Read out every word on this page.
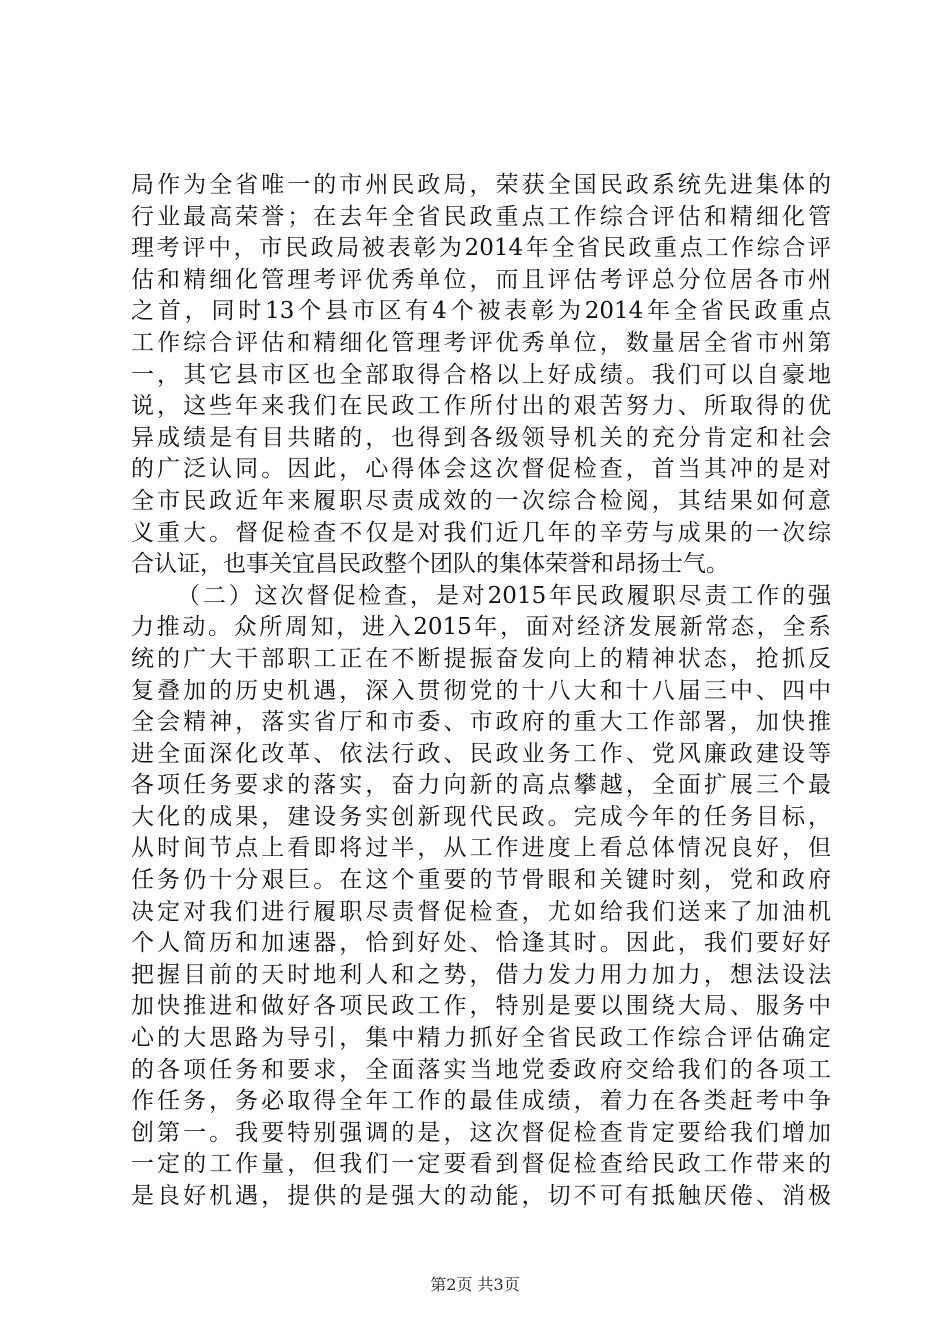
局作为全省唯一的市州民政局，荣获全国民政系统先进集体的
行业最高荣誉；在去年全省民政重点工作综合评估和精细化管
理考评中，市民政局被表彰为2014年全省民政重点工作综合评
估和精细化管理考评优秀单位，而且评估考评总分位居各市州
之首，同时13个县市区有4个被表彰为2014年全省民政重点
工作综合评估和精细化管理考评优秀单位，数量居全省市州第
一，其它县市区也全部取得合格以上好成绩。我们可以自豪地
说，这些年来我们在民政工作所付出的艰苦努力、所取得的优
异成绩是有目共睹的，也得到各级领导机关的充分肯定和社会
的广泛认同。因此，心得体会这次督促检查，首当其冲的是对
全市民政近年来履职尽责成效的一次综合检阅，其结果如何意
义重大。督促检查不仅是对我们近几年的辛劳与成果的一次综
合认证，也事关宜昌民政整个团队的集体荣誉和昂扬士气。
（二）这次督促检查，是对2015年民政履职尽责工作的强
力推动。众所周知，进入2015年，面对经济发展新常态，全系
统的广大干部职工正在不断提振奋发向上的精神状态，抢抓反
复叠加的历史机遇，深入贯彻党的十八大和十八届三中、四中
全会精神，落实省厅和市委、市政府的重大工作部署，加快推
进全面深化改革、依法行政、民政业务工作、党风廉政建设等
各项任务要求的落实，奋力向新的高点攀越，全面扩展三个最
大化的成果，建设务实创新现代民政。完成今年的任务目标，
从时间节点上看即将过半，从工作进度上看总体情况良好，但
任务仍十分艰巨。在这个重要的节骨眼和关键时刻，党和政府
决定对我们进行履职尽责督促检查，尤如给我们送来了加油机
个人简历和加速器，恰到好处、恰逢其时。因此，我们要好好
把握目前的天时地利人和之势，借力发力用力加力，想法设法
加快推进和做好各项民政工作，特别是要以围绕大局、服务中
心的大思路为导引，集中精力抓好全省民政工作综合评估确定
的各项任务和要求，全面落实当地党委政府交给我们的各项工
作任务，务必取得全年工作的最佳成绩，着力在各类赶考中争
创第一。我要特别强调的是，这次督促检查肯定要给我们增加
一定的工作量，但我们一定要看到督促检查给民政工作带来的
是良好机遇，提供的是强大的动能，切不可有抵触厌倦、消极
第2页 共3页
